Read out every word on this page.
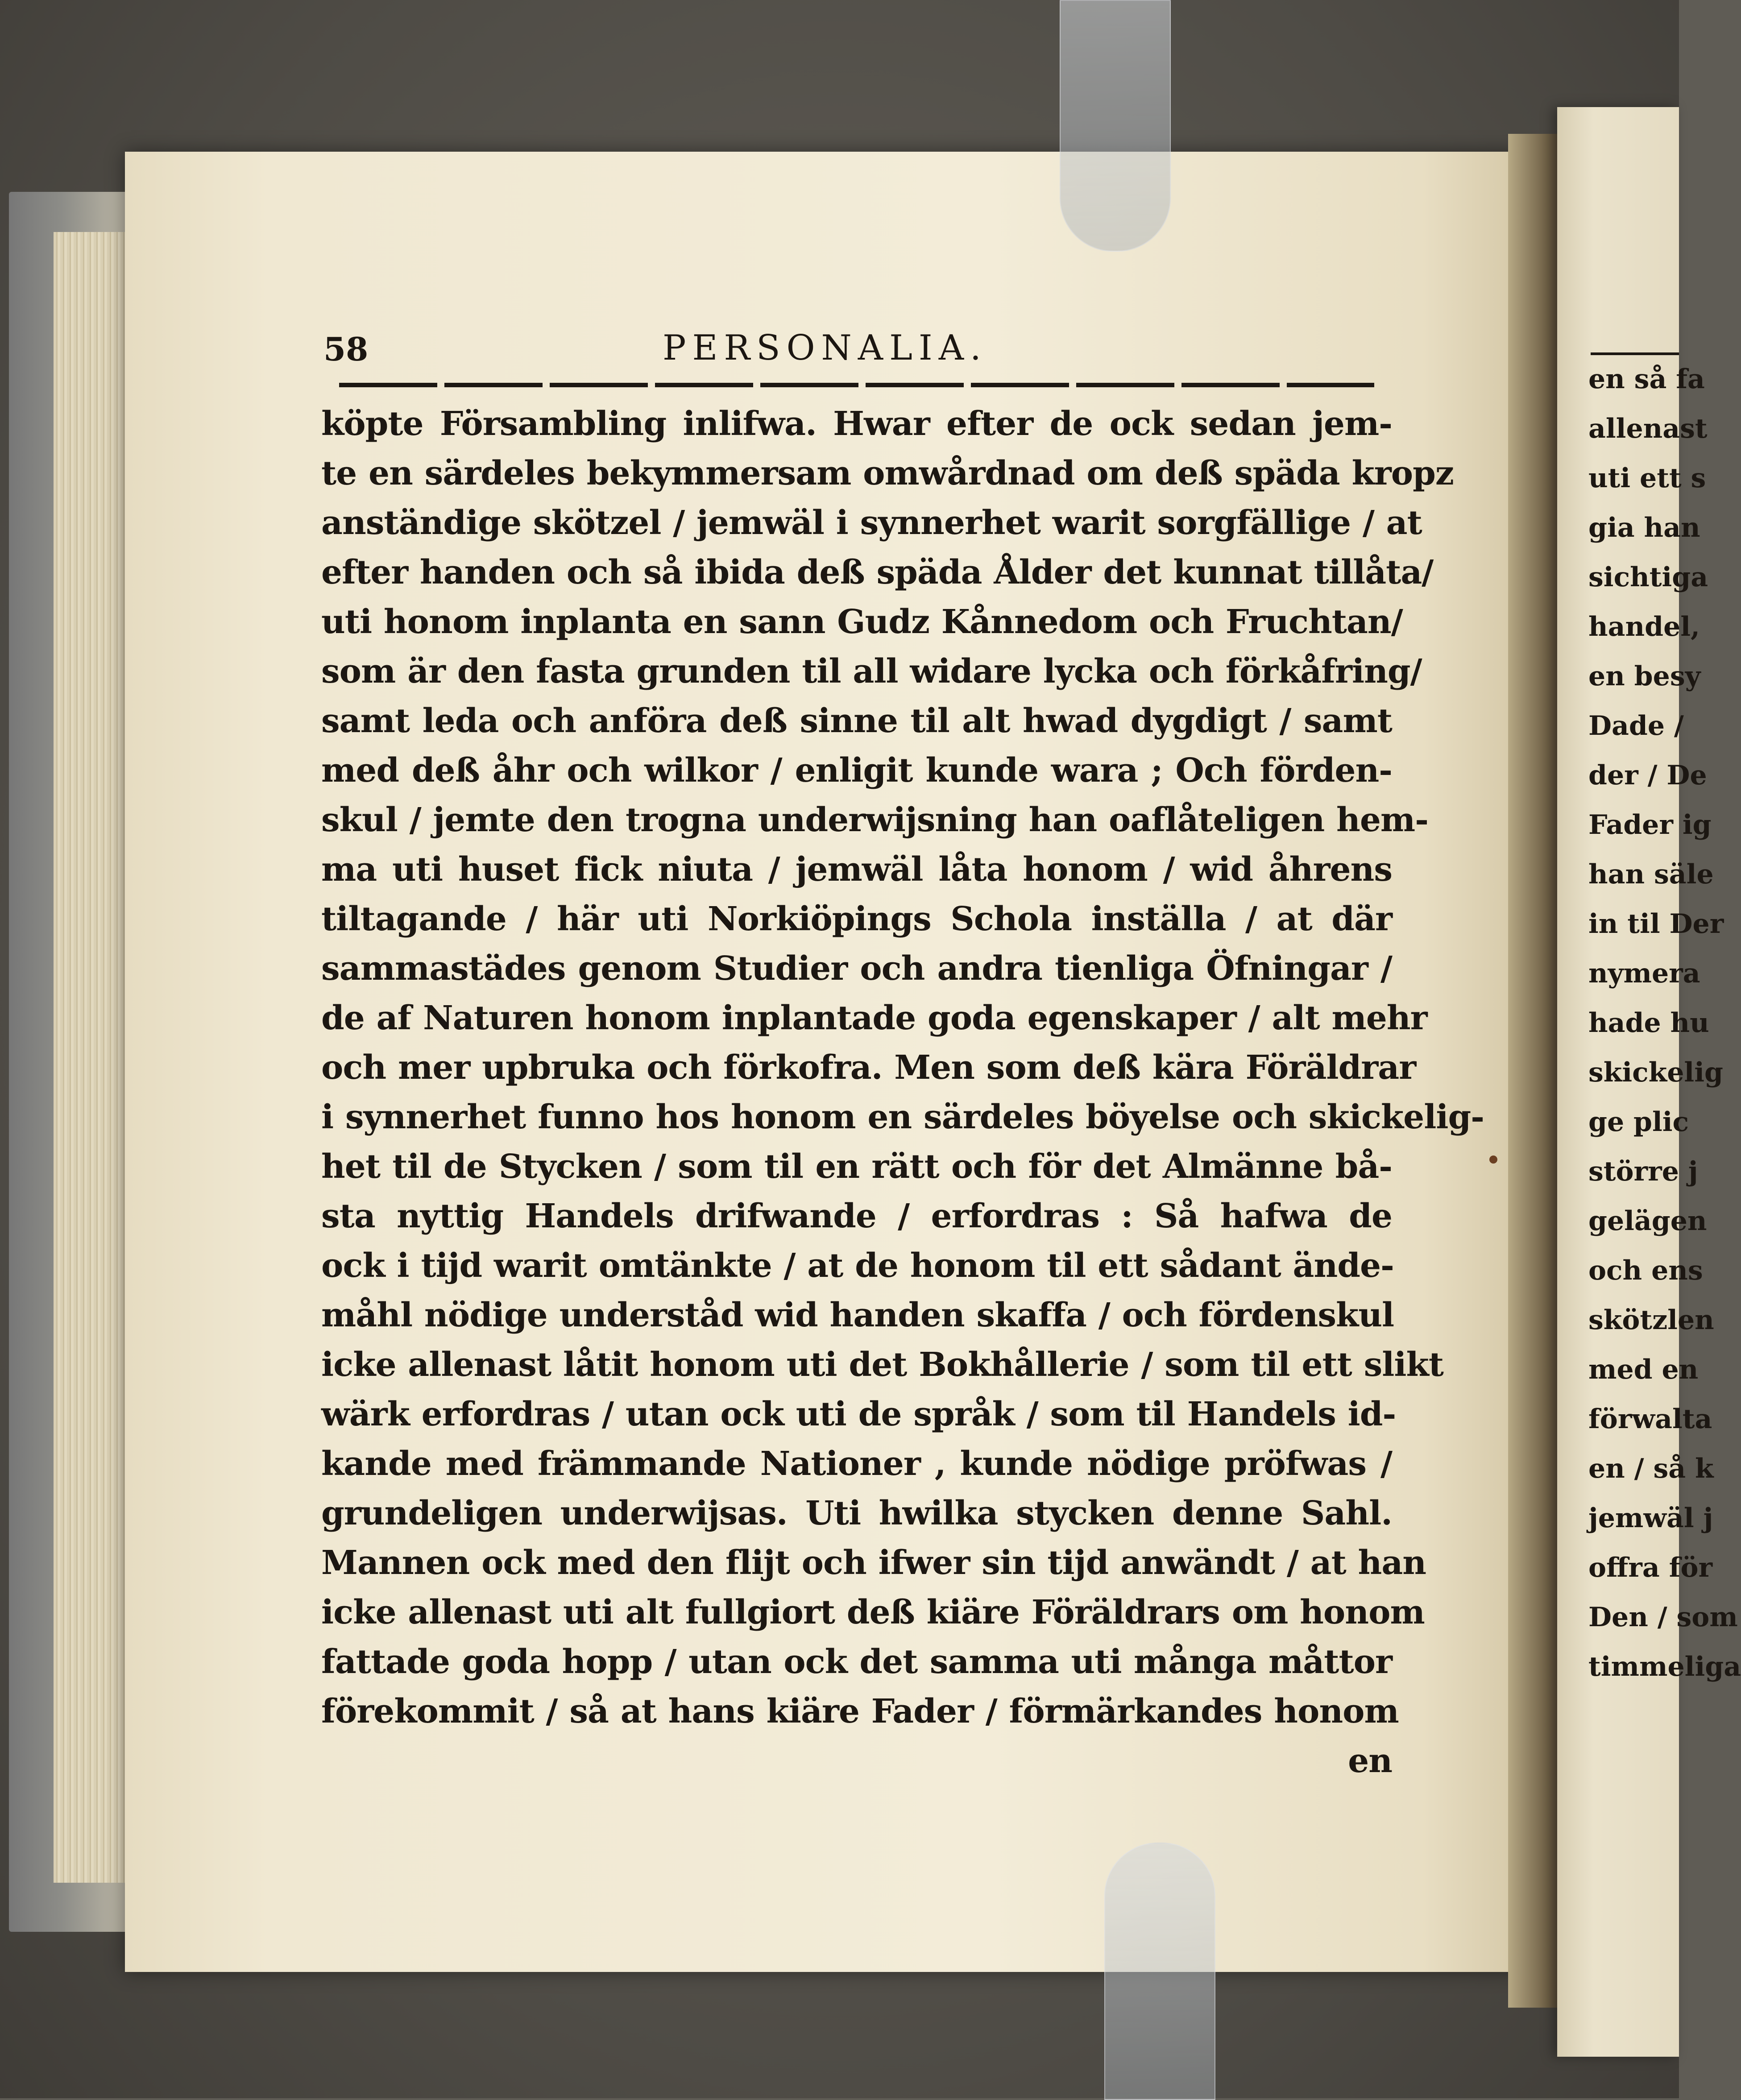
58	PERSONALIA.
köpte Försambling inlifwa. Hwar efter de ock sedan jem-
te en särdeles bekymmersam omwårdnad om deß späda kropz
anständige skötzel / jemwäl i synnerhet warit sorgfällige / at
efter handen och så ibida deß späda Ålder det kunnat tillåta/
uti honom inplanta en sann Gudz Kånnedom och Fruchtan/
som är den fasta grunden til all widare lycka och förkåfring/
samt leda och anföra deß sinne til alt hwad dygdigt / samt
med deß åhr och wilkor / enligit kunde wara ; Och förden-
skul / jemte den trogna underwijsning han oaflåteligen hem-
ma uti huset fick niuta / jemwäl låta honom / wid åhrens
tiltagande / här uti Norkiöpings Schola inställa / at där
sammastädes genom Studier och andra tienliga Öfningar /
de af Naturen honom inplantade goda egenskaper / alt mehr
och mer upbruka och förkofra. Men som deß kära Föräldrar
i synnerhet funno hos honom en särdeles böyelse och skickelig-
het til de Stycken / som til en rätt och för det Almänne bå-
sta nyttig Handels drifwande / erfordras : Så hafwa de
ock i tijd warit omtänkte / at de honom til ett sådant ände-
måhl nödige underståd wid handen skaffa / och fördenskul
icke allenast låtit honom uti det Bokhållerie / som til ett slikt
wärk erfordras / utan ock uti de språk / som til Handels id-
kande med främmande Nationer , kunde nödige pröfwas /
grundeligen underwijsas. Uti hwilka stycken denne Sahl.
Mannen ock med den flijt och ifwer sin tijd anwändt / at han
icke allenast uti alt fullgiort deß kiäre Föräldrars om honom
fattade goda hopp / utan ock det samma uti många måttor
förekommit / så at hans kiäre Fader / förmärkandes honom
en
en så fa
allenast
uti ett s
gia han
sichtiga
handel,
en besy
Dade /
der / De
Fader ig
han säle
in til Der
nymera
hade hu
skickelig
ge plic
större j
gelägen
och ens
skötzlen
med en
förwalta
en / så k
jemwäl j
offra för
Den / som
timmeliga
